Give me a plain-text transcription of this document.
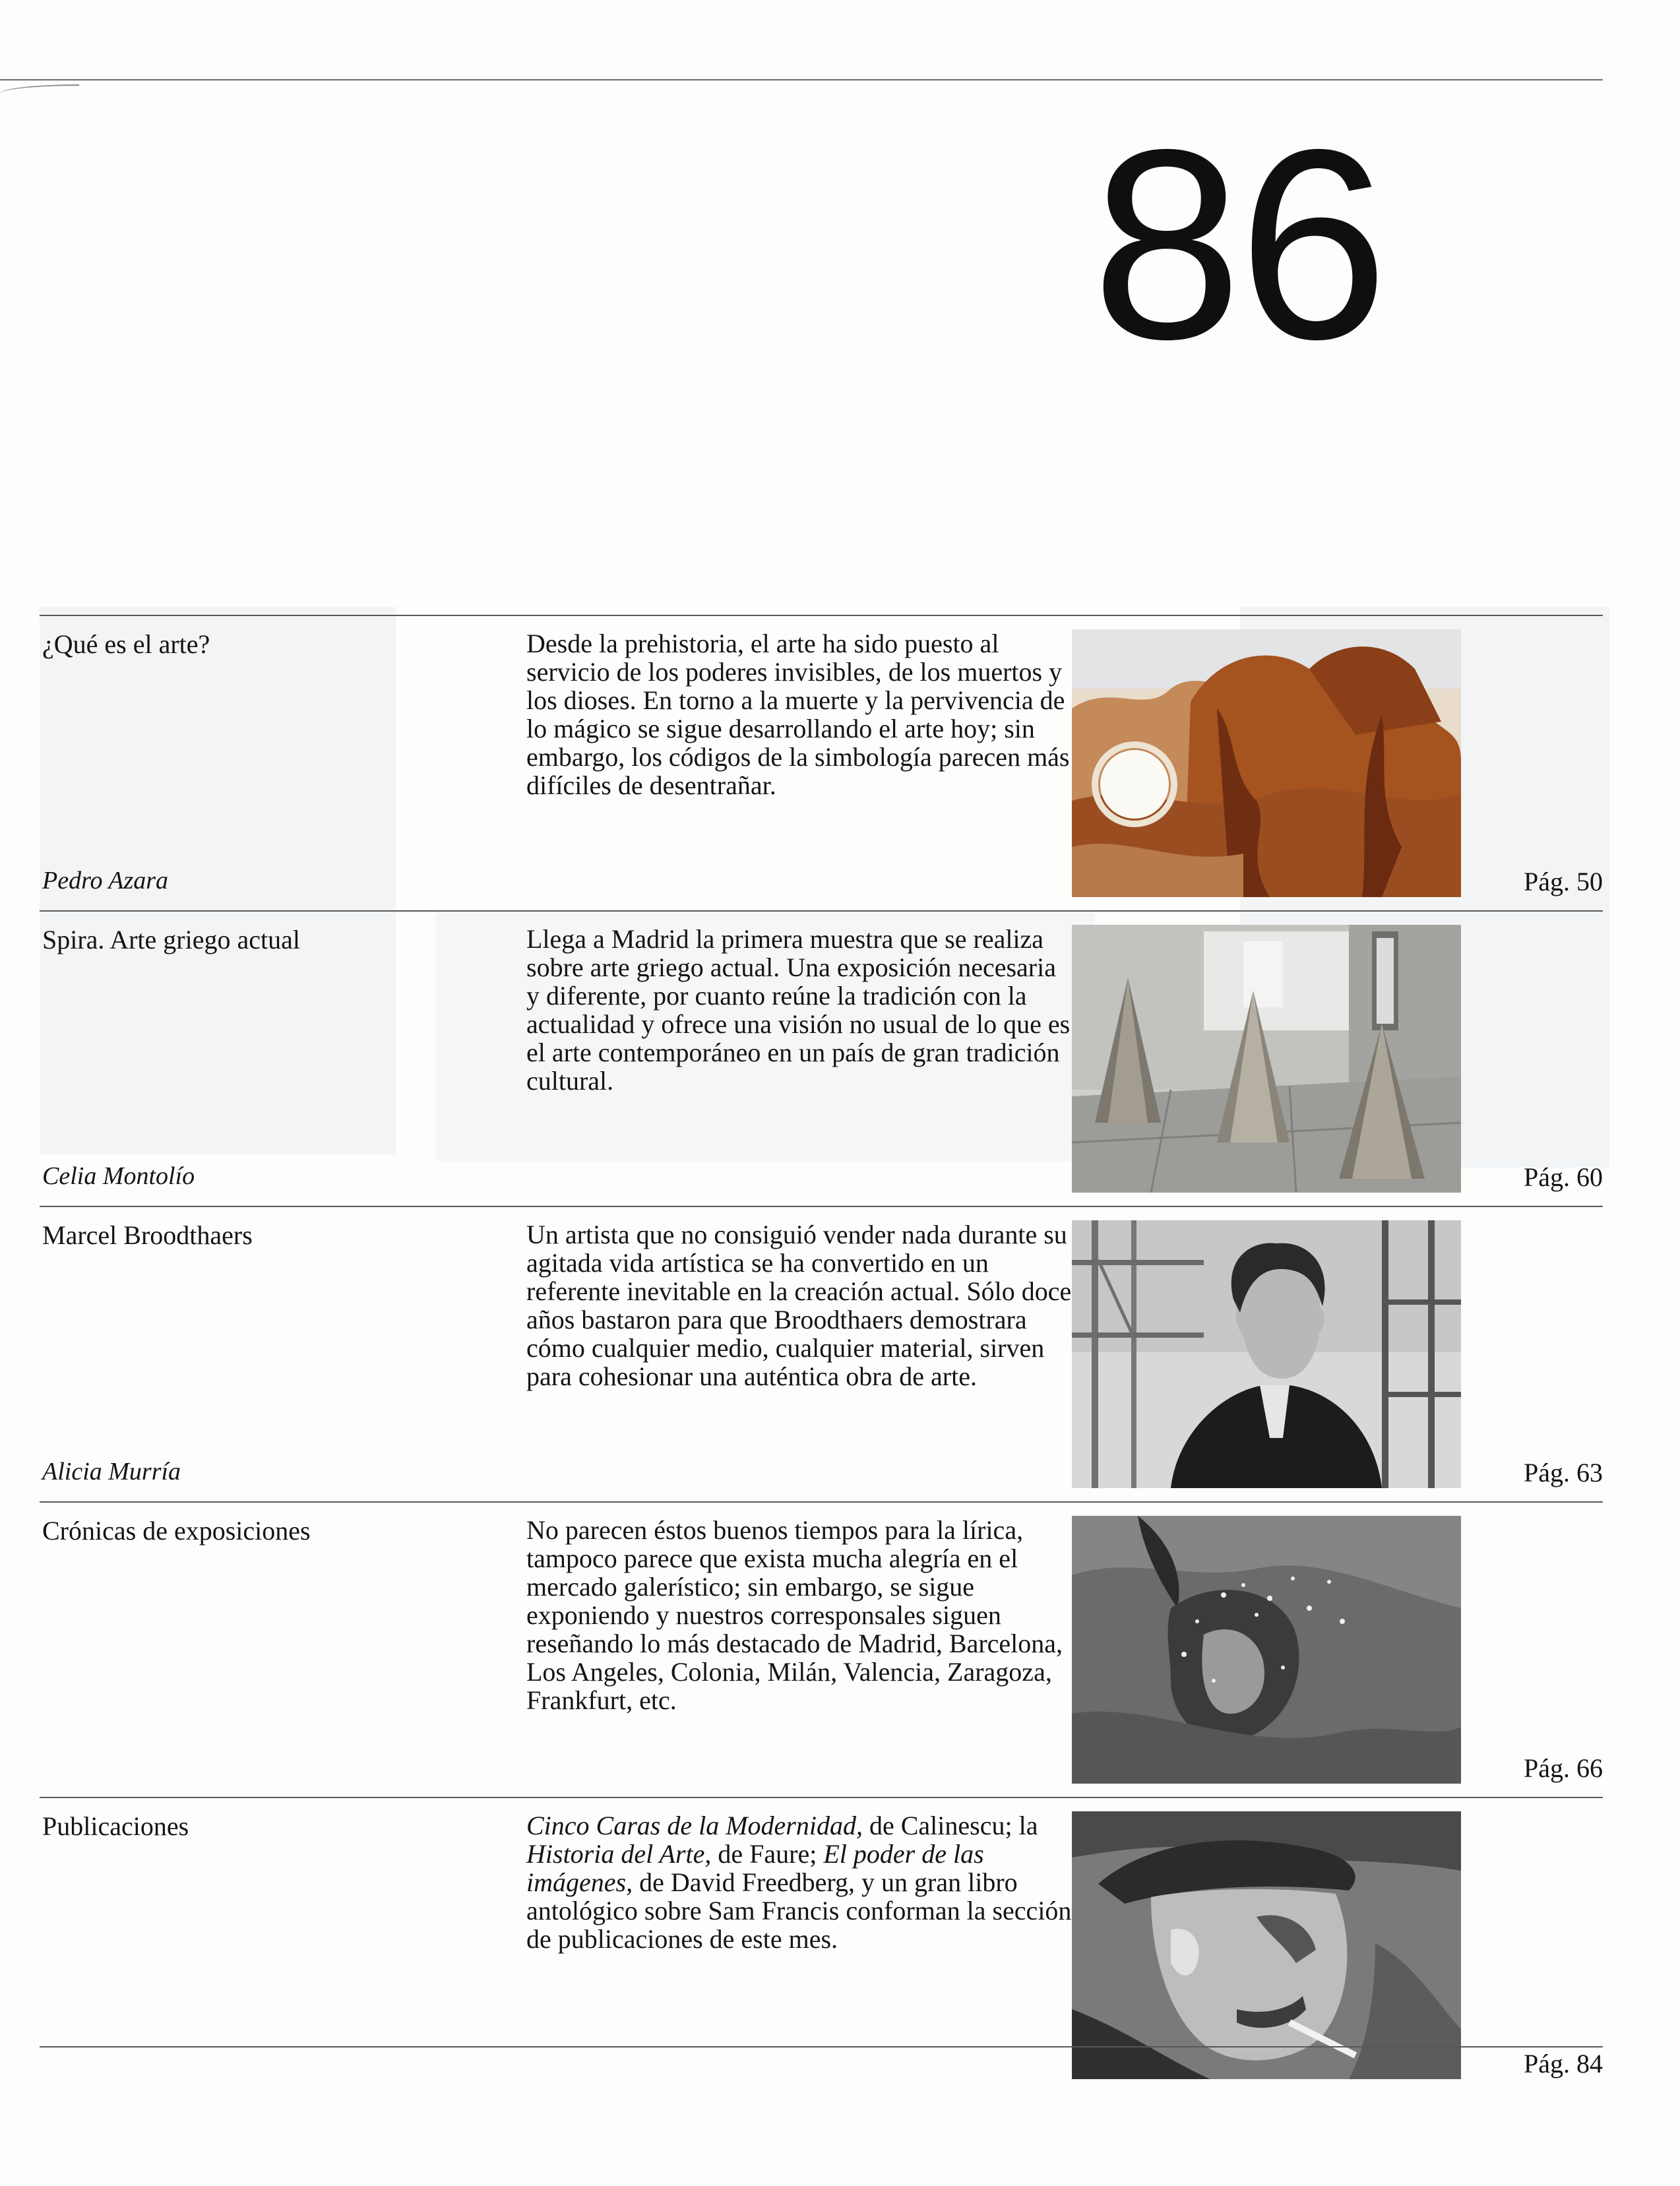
86
¿Qué es el arte?
Pedro Azara

Desde la prehistoria, el arte ha sido puesto al servicio de los poderes invisibles, de los muertos y los dioses. En torno a la muerte y la pervivencia de lo mágico se sigue desarrollando el arte hoy; sin embargo, los códigos de la simbología parecen más difíciles de desentrañar.

Pág. 50
Spira. Arte griego actual
Celia Montolío

Llega a Madrid la primera muestra que se realiza sobre arte griego actual. Una exposición necesaria y diferente, por cuanto reúne la tradición con la actualidad y ofrece una visión no usual de lo que es el arte contemporáneo en un país de gran tradición cultural.

Pág. 60
Marcel Broodthaers
Alicia Murría

Un artista que no consiguió vender nada durante su agitada vida artística se ha convertido en un referente inevitable en la creación actual. Sólo doce años bastaron para que Broodthaers demostrara cómo cualquier medio, cualquier material, sirven para cohesionar una auténtica obra de arte.

Pág. 63
Crónicas de exposiciones	No parecen éstos buenos tiempos para la lírica, tampoco parece que exista mucha alegría en el mercado galerístico; sin embargo, se sigue exponiendo y nuestros corresponsales siguen reseñando lo más destacado de Madrid, Barcelona, Los Angeles, Colonia, Milán, Valencia, Zaragoza, Frankfurt, etc.

Pág. 66
Publicaciones	Cinco Caras de la Modernidad, de Calinescu; la Historia del Arte, de Faure; El poder de las imágenes, de David Freedberg, y un gran libro antológico sobre Sam Francis conforman la sección de publicaciones de este mes.

Pág. 84
